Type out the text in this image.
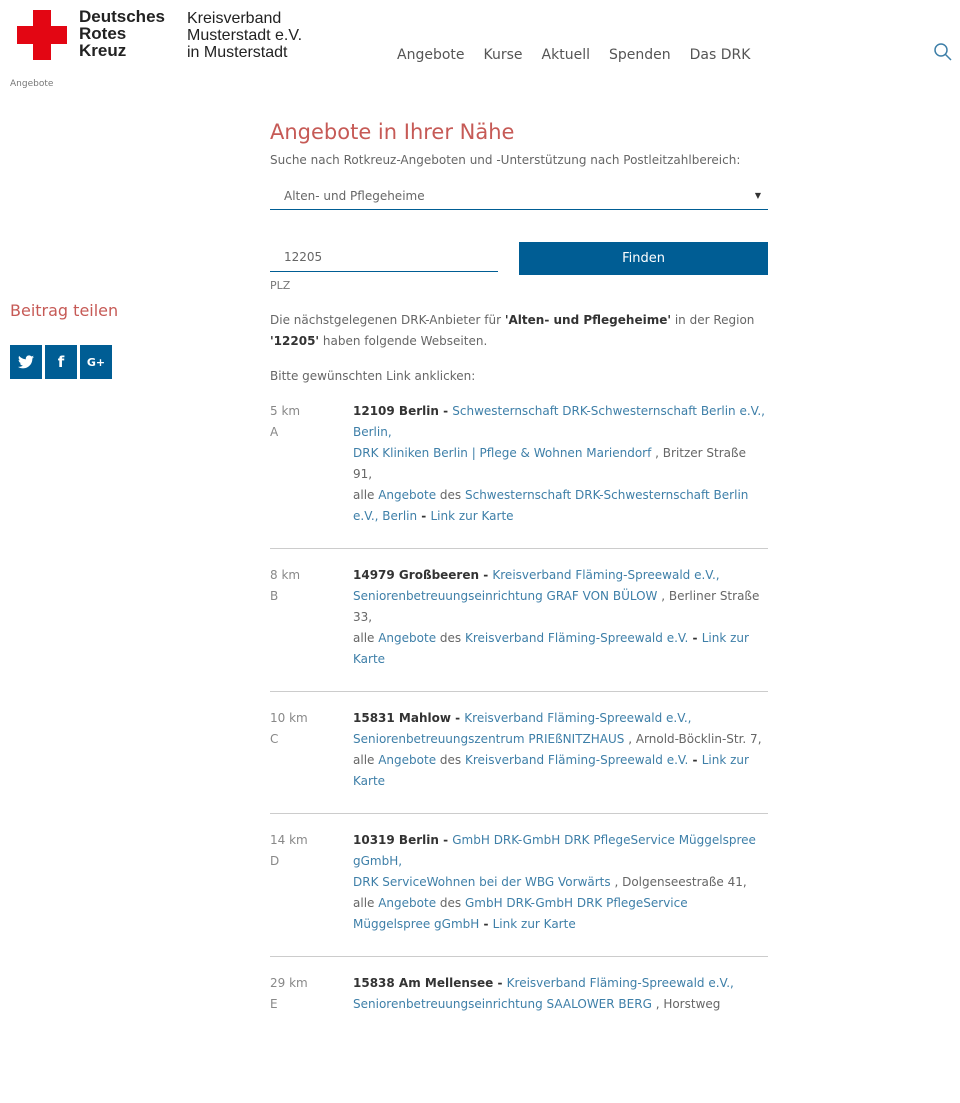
Deutsches
Rotes
Kreuz
Kreisverband
Musterstadt e.V.
in Musterstadt	Angebote Kurse Aktuell Spenden Das DRK
Angebote
Beitrag teilen
f G+
Angebote in Ihrer Nähe
Suche nach Rotkreuz-Angeboten und -Unterstützung nach Postleitzahlbereich:
Alten- und Pflegeheime	▼
12205
Finden
PLZ
Die nächstgelegenen DRK-Anbieter für 'Alten- und Pflegeheime' in der Region '12205' haben folgende Webseiten.
Bitte gewünschten Link anklicken:
5 km
A
12109 Berlin - Schwesternschaft DRK-Schwesternschaft Berlin e.V., Berlin,
DRK Kliniken Berlin | Pflege & Wohnen Mariendorf , Britzer Straße 91,
alle Angebote des Schwesternschaft DRK-Schwesternschaft Berlin e.V., Berlin - Link zur Karte
8 km
B
14979 Großbeeren - Kreisverband Fläming-Spreewald e.V.,
Seniorenbetreuungseinrichtung GRAF VON BÜLOW , Berliner Straße 33,
alle Angebote des Kreisverband Fläming-Spreewald e.V. - Link zur Karte
10 km
C
15831 Mahlow - Kreisverband Fläming-Spreewald e.V.,
Seniorenbetreuungszentrum PRIEßNITZHAUS , Arnold-Böcklin-Str. 7,
alle Angebote des Kreisverband Fläming-Spreewald e.V. - Link zur Karte
14 km
D
10319 Berlin - GmbH DRK-GmbH DRK PflegeService Müggelspree gGmbH,
DRK ServiceWohnen bei der WBG Vorwärts , Dolgenseestraße 41,
alle Angebote des GmbH DRK-GmbH DRK PflegeService Müggelspree gGmbH - Link zur Karte
29 km
E
15838 Am Mellensee - Kreisverband Fläming-Spreewald e.V.,
Seniorenbetreuungseinrichtung SAALOWER BERG , Horstweg
